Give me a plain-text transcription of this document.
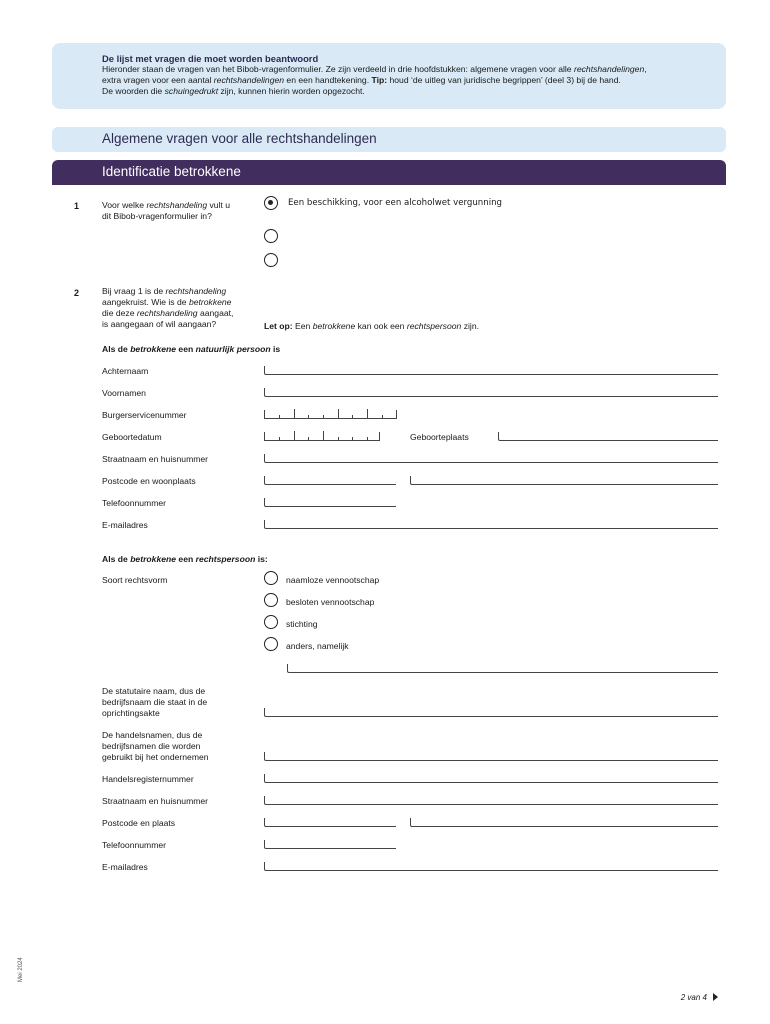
De lijst met vragen die moet worden beantwoord
Hieronder staan de vragen van het Bibob-vragenformulier. Ze zijn verdeeld in drie hoofdstukken: algemene vragen voor alle rechtshandelingen,
extra vragen voor een aantal rechtshandelingen en een handtekening. Tip: houd ‘de uitleg van juridische begrippen’ (deel 3) bij de hand.
De woorden die schuingedrukt zijn, kunnen hierin worden opgezocht.
Algemene vragen voor alle rechtshandelingen
Identificatie betrokkene
1	Voor welke rechtshandeling vult u
dit Bibob-vragenformulier in?
Een beschikking, voor een alcoholwet vergunning
2	Bij vraag 1 is de rechtshandeling
aangekruist. Wie is de betrokkene
die deze rechtshandeling aangaat,
is aangegaan of wil aangaan?	Let op: Een betrokkene kan ook een rechtspersoon zijn.
Als de betrokkene een natuurlijk persoon is
Achternaam
Voornamen
Burgerservicenummer
Geboortedatum	Geboorteplaats
Straatnaam en huisnummer
Postcode en woonplaats
Telefoonnummer
E-mailadres
Als de betrokkene een rechtspersoon is:
Soort rechtsvorm	naamloze vennootschap
besloten vennootschap
stichting
anders, namelijk
De statutaire naam, dus de
bedrijfsnaam die staat in de
oprichtingsakte
De handelsnamen, dus de
bedrijfsnamen die worden
gebruikt bij het ondernemen
Handelsregisternummer
Straatnaam en huisnummer
Postcode en plaats
Telefoonnummer
E-mailadres
Mei 2024
2 van 4
